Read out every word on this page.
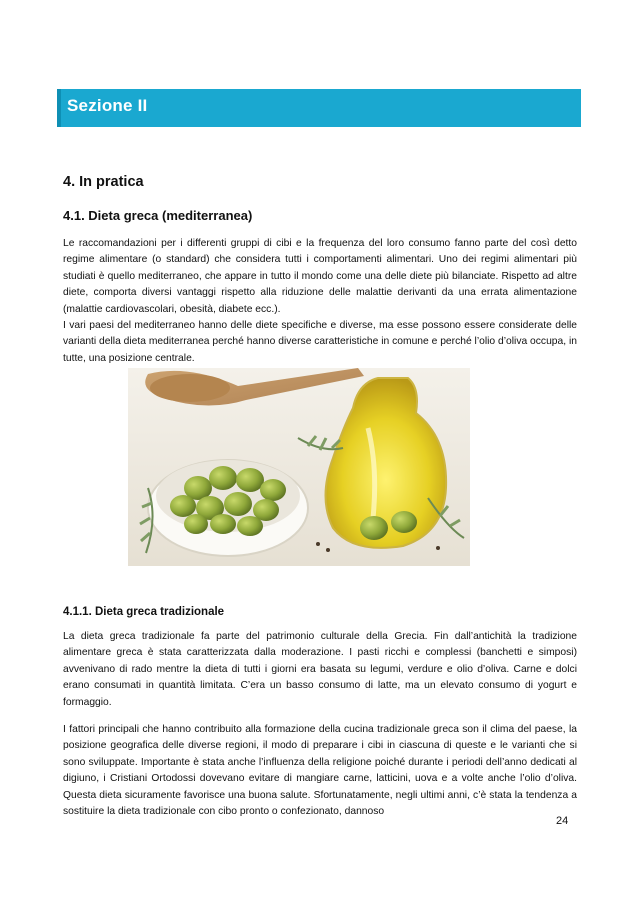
Sezione II
4. In pratica
4.1. Dieta greca (mediterranea)
Le raccomandazioni per i differenti gruppi di cibi e la frequenza del loro consumo fanno parte del così detto regime alimentare (o standard) che considera tutti i comportamenti alimentari. Uno dei regimi alimentari più studiati è quello mediterraneo, che appare in tutto il mondo come una delle diete più bilanciate. Rispetto ad altre diete, comporta diversi vantaggi rispetto alla riduzione delle malattie derivanti da una errata alimentazione (malattie cardiovascolari, obesità, diabete ecc.).
I vari paesi del mediterraneo hanno delle diete specifiche e diverse, ma esse possono essere considerate delle varianti della dieta mediterranea perché hanno diverse caratteristiche in comune e perché l’olio d’oliva occupa, in tutte, una posizione centrale.
4.1.1. Dieta greca tradizionale
La dieta greca tradizionale fa parte del patrimonio culturale della Grecia. Fin dall’antichità la tradizione alimentare greca è stata caratterizzata dalla moderazione. I pasti ricchi e complessi (banchetti e simposi) avvenivano di rado mentre la dieta di tutti i giorni era basata su legumi, verdure e olio d’oliva. Carne e dolci erano consumati in quantità limitata. C’era un basso consumo di latte, ma un elevato consumo di yogurt e formaggio.
I fattori principali che hanno contribuito alla formazione della cucina tradizionale greca son il clima del paese, la posizione geografica delle diverse regioni, il modo di preparare i cibi in ciascuna di queste e le varianti che si sono sviluppate. Importante è stata anche l’influenza della religione poiché durante i periodi dell’anno dedicati al digiuno, i Cristiani Ortodossi dovevano evitare di mangiare carne, latticini, uova e a volte anche l’olio d’oliva. Questa dieta sicuramente favorisce una buona salute. Sfortunatamente, negli ultimi anni, c’è stata la tendenza a sostituire la dieta tradizionale con cibo pronto o confezionato, dannoso
24
